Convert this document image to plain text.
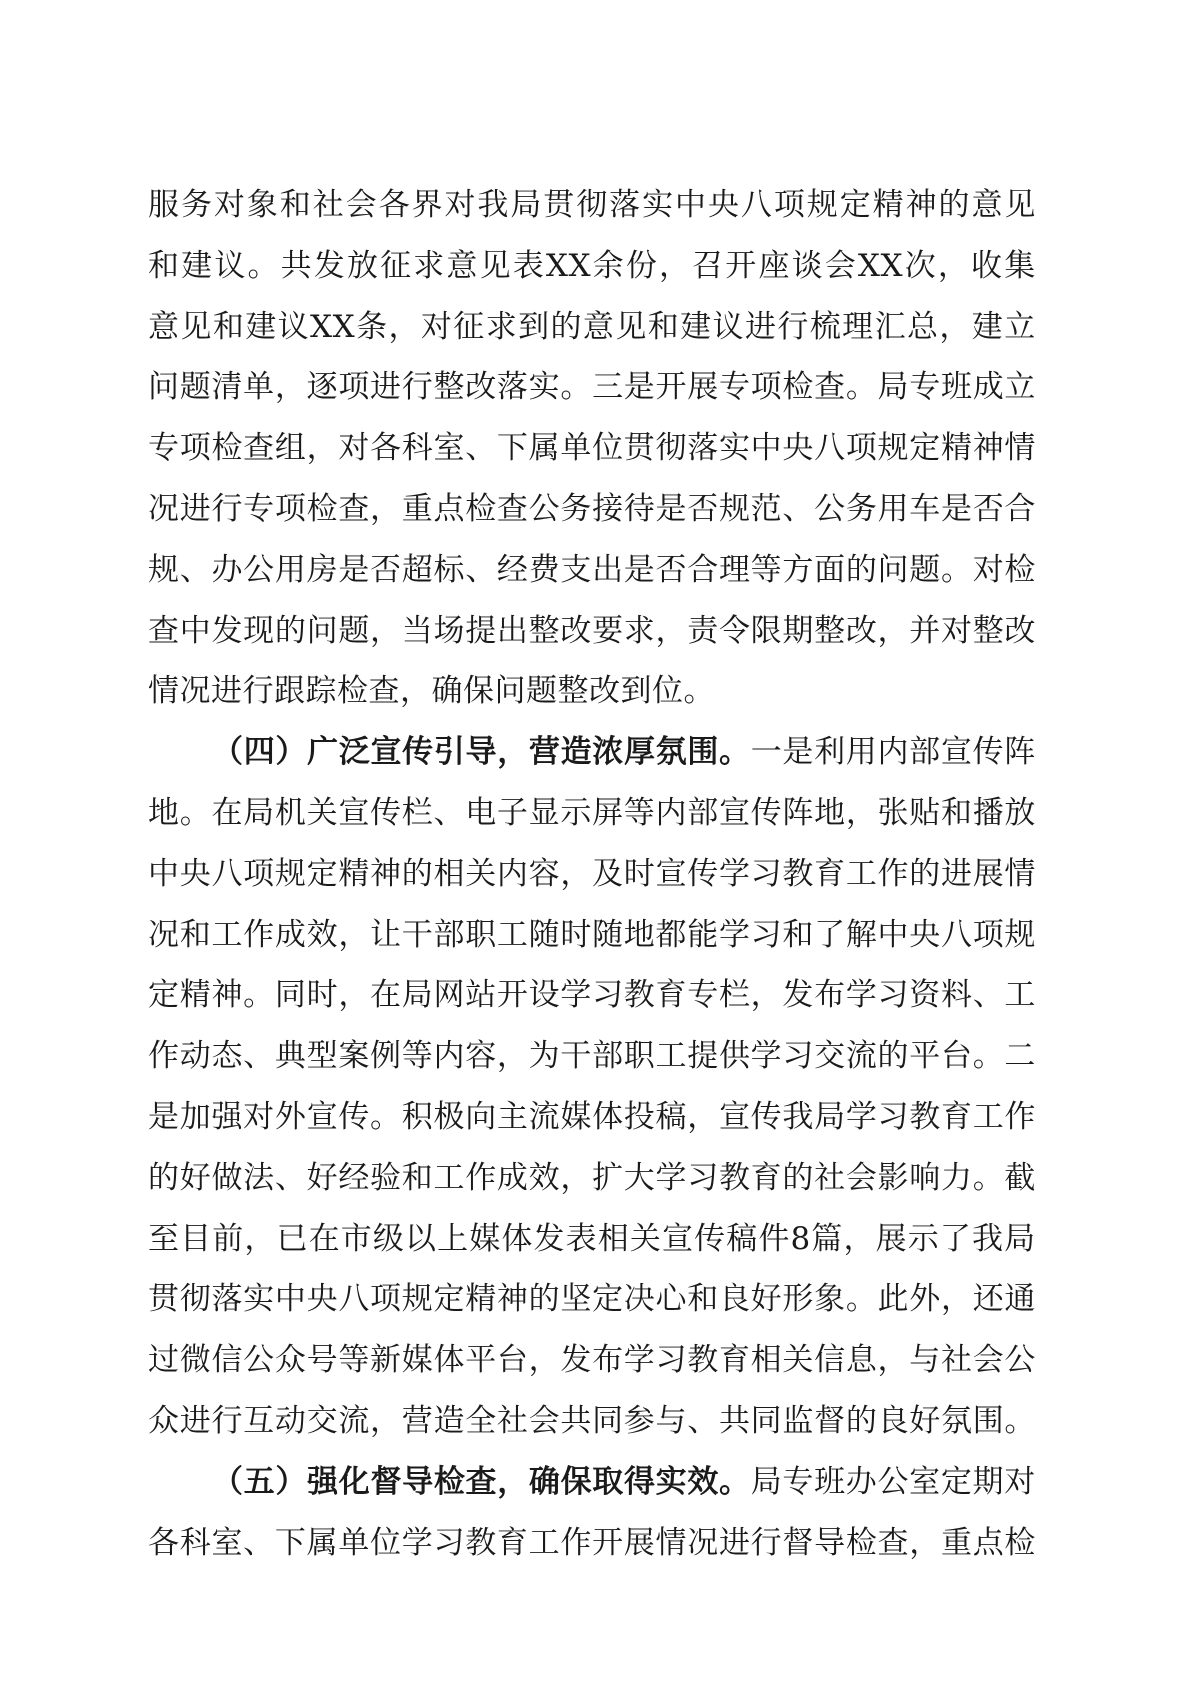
服 务 对 象 和 社 会 各 界 对 我 局 贯 彻 落 实 中 央 八 项 规 定 精 神 的 意 见
和 建 议 。 共 发 放 征 求 意 见 表 XX 余 份 ， 召 开 座 谈 会 XX 次 ， 收 集
意 见 和 建 议 XX 条 ， 对 征 求 到 的 意 见 和 建 议 进 行 梳 理 汇 总 ， 建 立
问 题 清 单 ， 逐 项 进 行 整 改 落 实 。 三 是 开 展 专 项 检 查 。 局 专 班 成 立
专 项 检 查 组 ， 对 各 科 室 、 下 属 单 位 贯 彻 落 实 中 央 八 项 规 定 精 神 情
况 进 行 专 项 检 查 ， 重 点 检 查 公 务 接 待 是 否 规 范 、 公 务 用 车 是 否 合
规 、 办 公 用 房 是 否 超 标 、 经 费 支 出 是 否 合 理 等 方 面 的 问 题 。 对 检
查 中 发 现 的 问 题 ， 当 场 提 出 整 改 要 求 ， 责 令 限 期 整 改 ， 并 对 整 改
情 况 进 行 跟 踪 检 查 ， 确 保 问 题 整 改 到 位 。
（ 四 ） 广 泛 宣 传 引 导 ， 营 造 浓 厚 氛 围 。 一 是 利 用 内 部 宣 传 阵
地 。 在 局 机 关 宣 传 栏 、 电 子 显 示 屏 等 内 部 宣 传 阵 地 ， 张 贴 和 播 放
中 央 八 项 规 定 精 神 的 相 关 内 容 ， 及 时 宣 传 学 习 教 育 工 作 的 进 展 情
况 和 工 作 成 效 ， 让 干 部 职 工 随 时 随 地 都 能 学 习 和 了 解 中 央 八 项 规
定 精 神 。 同 时 ， 在 局 网 站 开 设 学 习 教 育 专 栏 ， 发 布 学 习 资 料 、 工
作 动 态 、 典 型 案 例 等 内 容 ， 为 干 部 职 工 提 供 学 习 交 流 的 平 台 。 二
是 加 强 对 外 宣 传 。 积 极 向 主 流 媒 体 投 稿 ， 宣 传 我 局 学 习 教 育 工 作
的 好 做 法 、 好 经 验 和 工 作 成 效 ， 扩 大 学 习 教 育 的 社 会 影 响 力 。 截
至 目 前 ， 已 在 市 级 以 上 媒 体 发 表 相 关 宣 传 稿 件 8 篇 ， 展 示 了 我 局
贯 彻 落 实 中 央 八 项 规 定 精 神 的 坚 定 决 心 和 良 好 形 象 。 此 外 ， 还 通
过 微 信 公 众 号 等 新 媒 体 平 台 ， 发 布 学 习 教 育 相 关 信 息 ， 与 社 会 公
众 进 行 互 动 交 流 ， 营 造 全 社 会 共 同 参 与 、 共 同 监 督 的 良 好 氛 围 。
（ 五 ） 强 化 督 导 检 查 ， 确 保 取 得 实 效 。 局 专 班 办 公 室 定 期 对
各 科 室 、 下 属 单 位 学 习 教 育 工 作 开 展 情 况 进 行 督 导 检 查 ， 重 点 检
